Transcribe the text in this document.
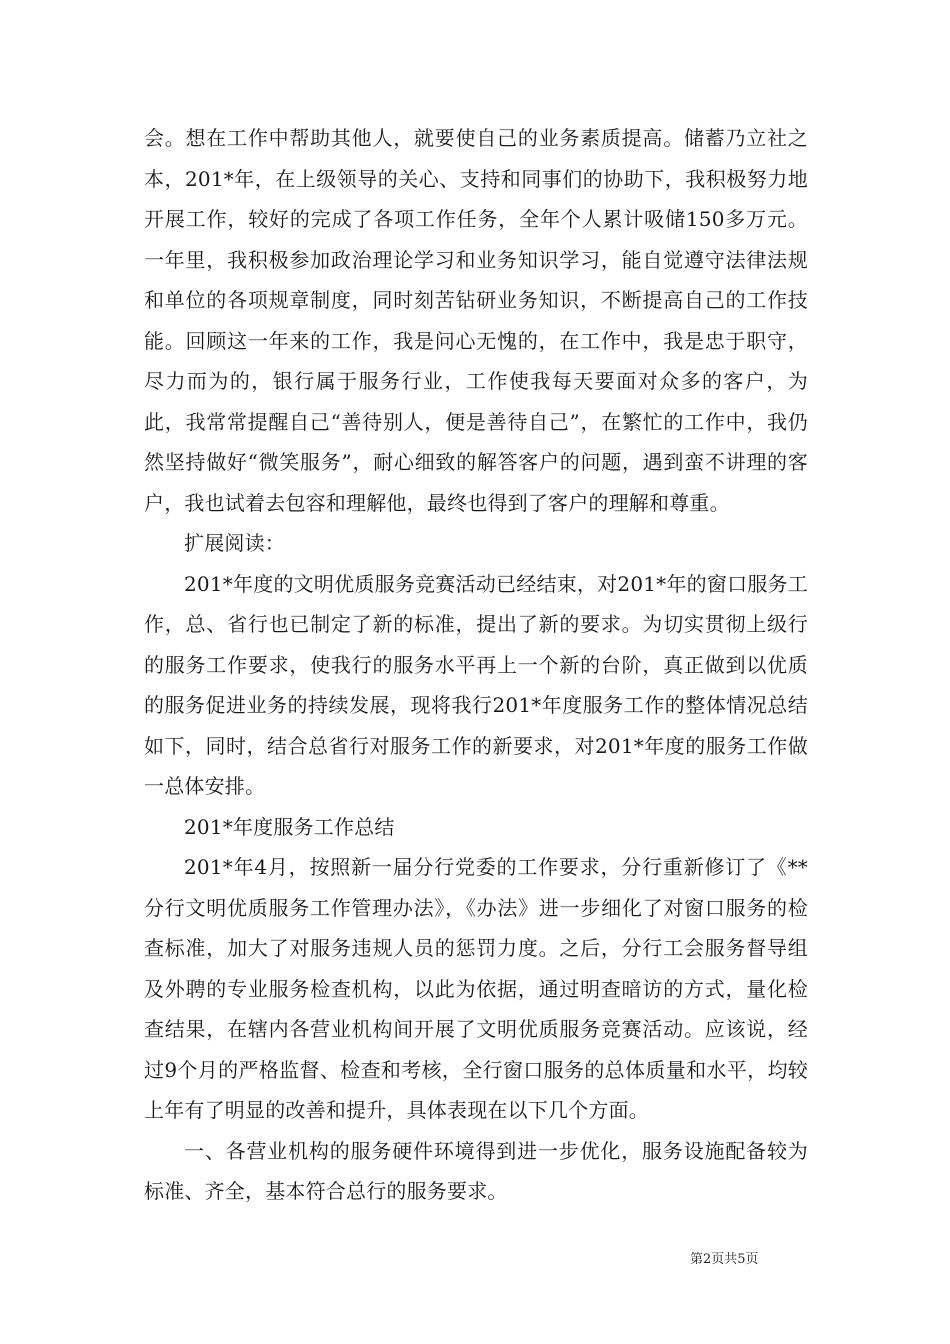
会。想在工作中帮助其他人，就要使自己的业务素质提高。储蓄乃立社之本，201*年，在上级领导的关心、支持和同事们的协助下，我积极努力地开展工作，较好的完成了各项工作任务，全年个人累计吸储150多万元。一年里，我积极参加政治理论学习和业务知识学习，能自觉遵守法律法规和单位的各项规章制度，同时刻苦钻研业务知识，不断提高自己的工作技能。回顾这一年来的工作，我是问心无愧的，在工作中，我是忠于职守，尽力而为的，银行属于服务行业，工作使我每天要面对众多的客户，为此，我常常提醒自己“善待别人，便是善待自己”，在繁忙的工作中，我仍然坚持做好“微笑服务”，耐心细致的解答客户的问题，遇到蛮不讲理的客户，我也试着去包容和理解他，最终也得到了客户的理解和尊重。

扩展阅读：

201*年度的文明优质服务竞赛活动已经结束，对201*年的窗口服务工作，总、省行也已制定了新的标准，提出了新的要求。为切实贯彻上级行的服务工作要求，使我行的服务水平再上一个新的台阶，真正做到以优质的服务促进业务的持续发展，现将我行201*年度服务工作的整体情况总结如下，同时，结合总省行对服务工作的新要求，对201*年度的服务工作做一总体安排。

201*年度服务工作总结

201*年4月，按照新一届分行党委的工作要求，分行重新修订了《**分行文明优质服务工作管理办法》，《办法》进一步细化了对窗口服务的检查标准，加大了对服务违规人员的惩罚力度。之后，分行工会服务督导组及外聘的专业服务检查机构，以此为依据，通过明查暗访的方式，量化检查结果，在辖内各营业机构间开展了文明优质服务竞赛活动。应该说，经过9个月的严格监督、检查和考核，全行窗口服务的总体质量和水平，均较上年有了明显的改善和提升，具体表现在以下几个方面。

一、各营业机构的服务硬件环境得到进一步优化，服务设施配备较为标准、齐全，基本符合总行的服务要求。

第2页共5页
